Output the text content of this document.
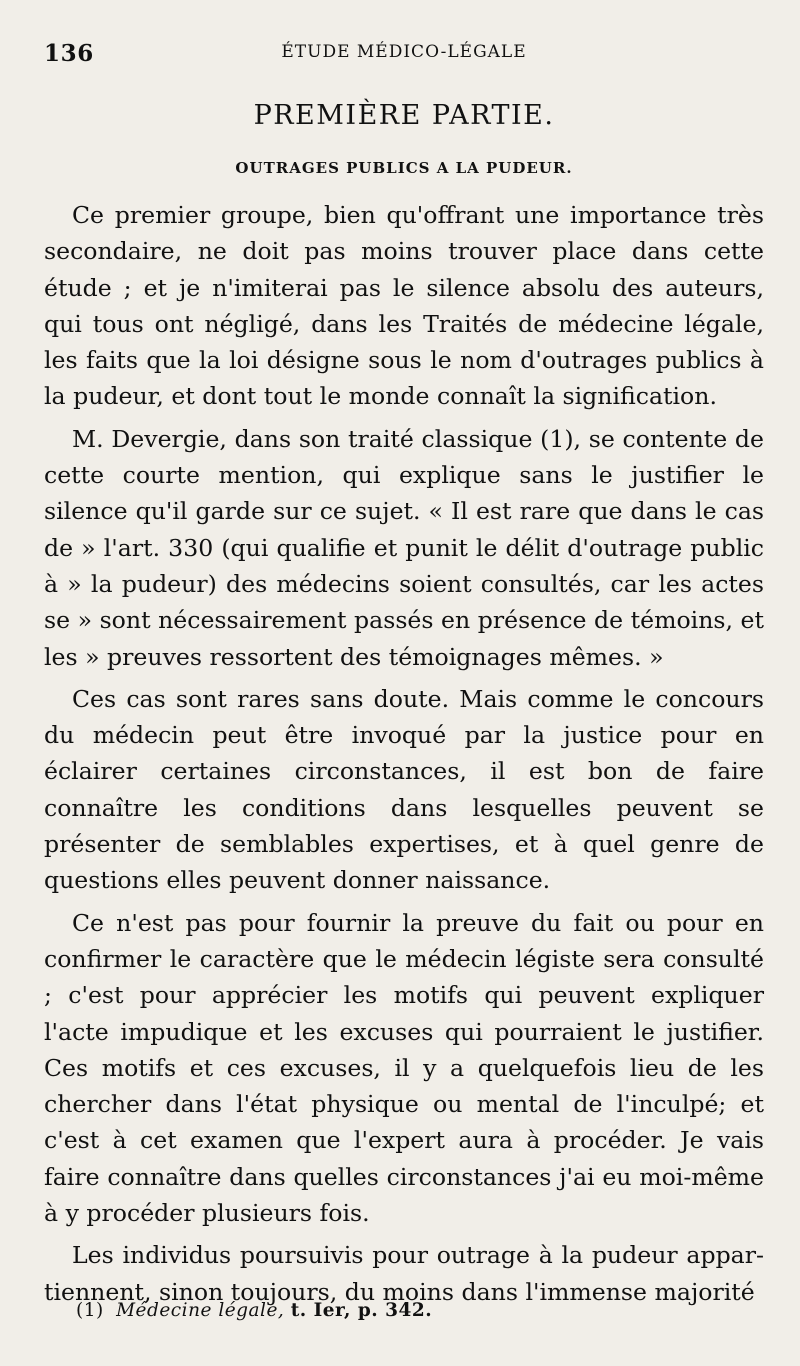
136	ÉTUDE MÉDICO-LÉGALE
PREMIÈRE PARTIE.
OUTRAGES PUBLICS A LA PUDEUR.

Ce premier groupe, bien qu'offrant une importance très secondaire, ne doit pas moins trouver place dans cette étude ; et je n'imiterai pas le silence absolu des auteurs, qui tous ont négligé, dans les Traités de médecine légale, les faits que la loi désigne sous le nom d'outrages publics à la pudeur, et dont tout le monde connaît la signification.

M. Devergie, dans son traité classique (1), se contente de cette courte mention, qui explique sans le justifier le silence qu'il garde sur ce sujet. « Il est rare que dans le cas de » l'art. 330 (qui qualifie et punit le délit d'outrage public à » la pudeur) des médecins soient consultés, car les actes se » sont nécessairement passés en présence de témoins, et les » preuves ressortent des témoignages mêmes. »

Ces cas sont rares sans doute. Mais comme le concours du médecin peut être invoqué par la justice pour en éclairer certaines circonstances, il est bon de faire connaître les conditions dans lesquelles peuvent se présenter de semblables expertises, et à quel genre de questions elles peuvent donner naissance.

Ce n'est pas pour fournir la preuve du fait ou pour en confirmer le caractère que le médecin légiste sera consulté ; c'est pour apprécier les motifs qui peuvent expliquer l'acte impudique et les excuses qui pourraient le justifier. Ces motifs et ces excuses, il y a quelquefois lieu de les chercher dans l'état physique ou mental de l'inculpé; et c'est à cet examen que l'expert aura à procéder. Je vais faire connaître dans quelles circonstances j'ai eu moi-même à y procéder plusieurs fois.

Les individus poursuivis pour outrage à la pudeur appartiennent, sinon toujours, du moins dans l'immense majorité

(1) Médecine légale, t. Ier, p. 342.
